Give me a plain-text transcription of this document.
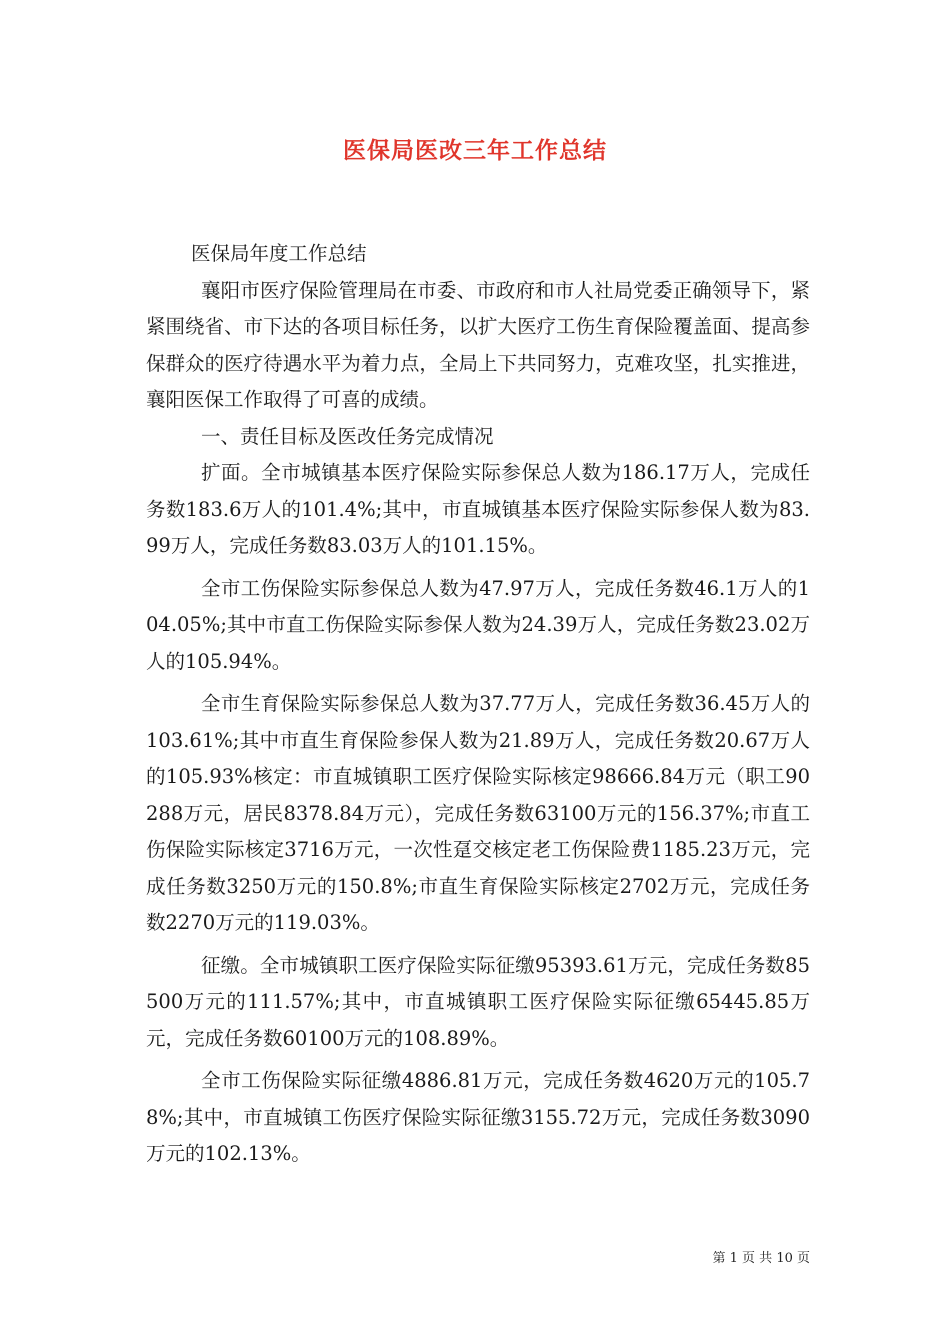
医保局医改三年工作总结

医保局年度工作总结

襄阳市医疗保险管理局在市委、市政府和市人社局党委正确领导下，紧紧围绕省、市下达的各项目标任务，以扩大医疗工伤生育保险覆盖面、提高参保群众的医疗待遇水平为着力点，全局上下共同努力，克难攻坚，扎实推进，襄阳医保工作取得了可喜的成绩。

一、责任目标及医改任务完成情况

扩面。全市城镇基本医疗保险实际参保总人数为186.17万人，完成任务数183.6万人的101.4%;其中，市直城镇基本医疗保险实际参保人数为83.99万人，完成任务数83.03万人的101.15%。

全市工伤保险实际参保总人数为47.97万人，完成任务数46.1万人的104.05%;其中市直工伤保险实际参保人数为24.39万人，完成任务数23.02万人的105.94%。

全市生育保险实际参保总人数为37.77万人，完成任务数36.45万人的103.61%;其中市直生育保险参保人数为21.89万人，完成任务数20.67万人的105.93%核定：市直城镇职工医疗保险实际核定98666.84万元（职工90288万元，居民8378.84万元），完成任务数63100万元的156.37%;市直工伤保险实际核定3716万元，一次性趸交核定老工伤保险费1185.23万元，完成任务数3250万元的150.8%;市直生育保险实际核定2702万元，完成任务数2270万元的119.03%。

征缴。全市城镇职工医疗保险实际征缴95393.61万元，完成任务数85500万元的111.57%;其中，市直城镇职工医疗保险实际征缴65445.85万元，完成任务数60100万元的108.89%。

全市工伤保险实际征缴4886.81万元，完成任务数4620万元的105.78%;其中，市直城镇工伤医疗保险实际征缴3155.72万元，完成任务数3090万元的102.13%。

第 1 页 共 10 页
